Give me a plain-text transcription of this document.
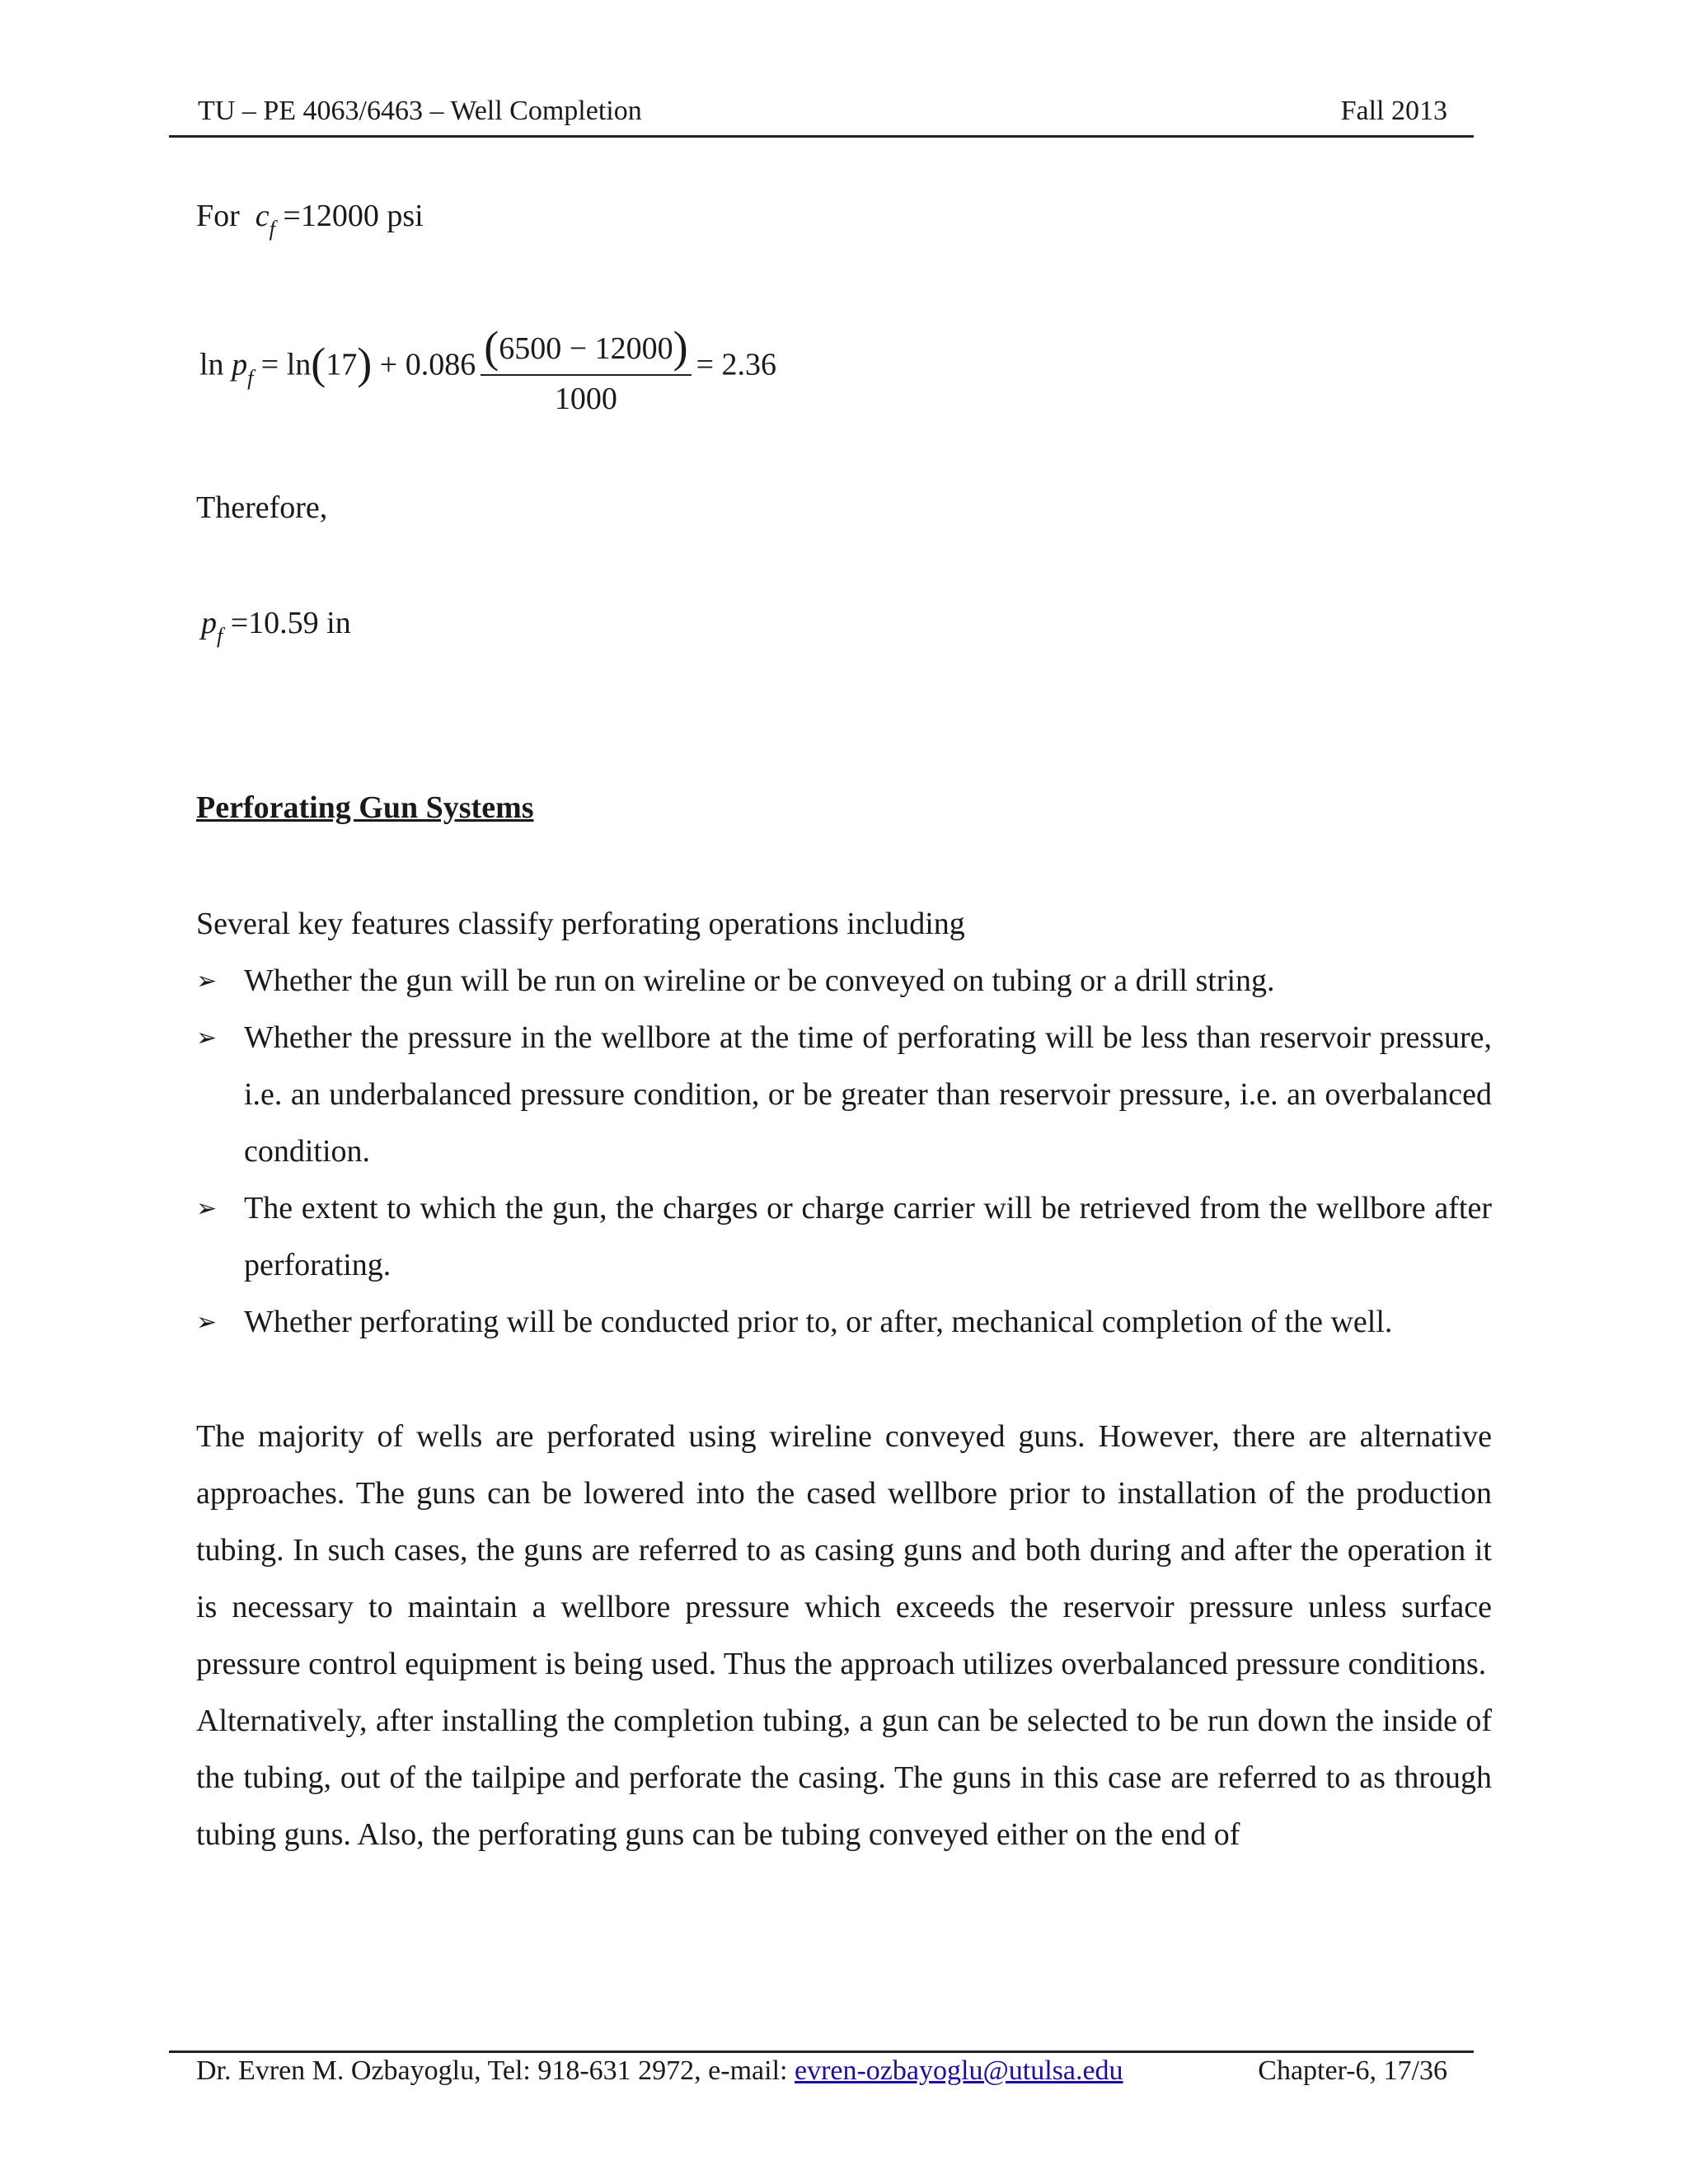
TU – PE 4063/6463 – Well Completion	Fall 2013
For $c_f =12000$ psi
$\ln p_f = \ln(17) + 0.086 \frac{(6500 - 12000)}{1000} = 2.36$
Therefore,
$p_f =10.59$ in
Perforating Gun Systems

Several key features classify perforating operations including

➢ Whether the gun will be run on wireline or be conveyed on tubing or a drill string.
➢ Whether the pressure in the wellbore at the time of perforating will be less than reservoir pressure, i.e. an underbalanced pressure condition, or be greater than reservoir pressure, i.e. an overbalanced condition.
➢ The extent to which the gun, the charges or charge carrier will be retrieved from the wellbore after perforating.
➢ Whether perforating will be conducted prior to, or after, mechanical completion of the well.

The majority of wells are perforated using wireline conveyed guns. However, there are alternative approaches. The guns can be lowered into the cased wellbore prior to installation of the production tubing. In such cases, the guns are referred to as casing guns and both during and after the operation it is necessary to maintain a wellbore pressure which exceeds the reservoir pressure unless surface pressure control equipment is being used. Thus the approach utilizes overbalanced pressure conditions.

Alternatively, after installing the completion tubing, a gun can be selected to be run down the inside of the tubing, out of the tailpipe and perforate the casing. The guns in this case are referred to as through tubing guns. Also, the perforating guns can be tubing conveyed either on the end of

Dr. Evren M. Ozbayoglu, Tel: 918-631 2972, e-mail: evren-ozbayoglu@utulsa.edu	Chapter-6, 17/36
